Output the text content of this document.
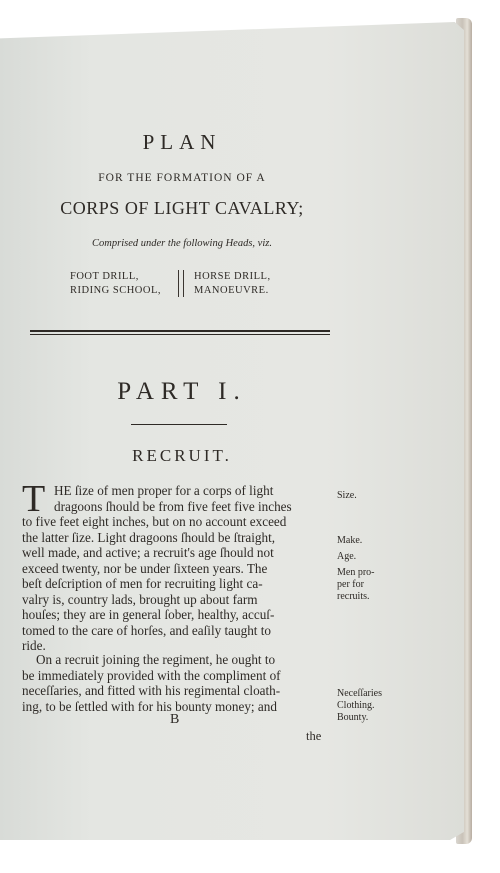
PLAN
FOR THE FORMATION OF A
CORPS OF LIGHT CAVALRY;
Comprised under the following Heads, viz.
FOOT DRILL,
RIDING SCHOOL,
HORSE DRILL,
MANOEUVRE.
PART I.
RECRUIT.
T HE ſize of men proper for a corps of light
dragoons ſhould be from five feet five inches
to five feet eight inches, but on no account exceed
the latter ſize. Light dragoons ſhould be ſtraight,
well made, and active; a recruit's age ſhould not
exceed twenty, nor be under ſixteen years. The
beſt deſcription of men for recruiting light ca-
valry is, country lads, brought up about farm
houſes; they are in general ſober, healthy, accuſ-
tomed to the care of horſes, and eaſily taught to
ride.
On a recruit joining the regiment, he ought to
be immediately provided with the compliment of
neceſſaries, and fitted with his regimental cloath-
ing, to be ſettled with for his bounty money; and
B
the
Size.
Make.
Age.
Men pro-
per for
recruits.
Neceſſaries
Clothing.
Bounty.
